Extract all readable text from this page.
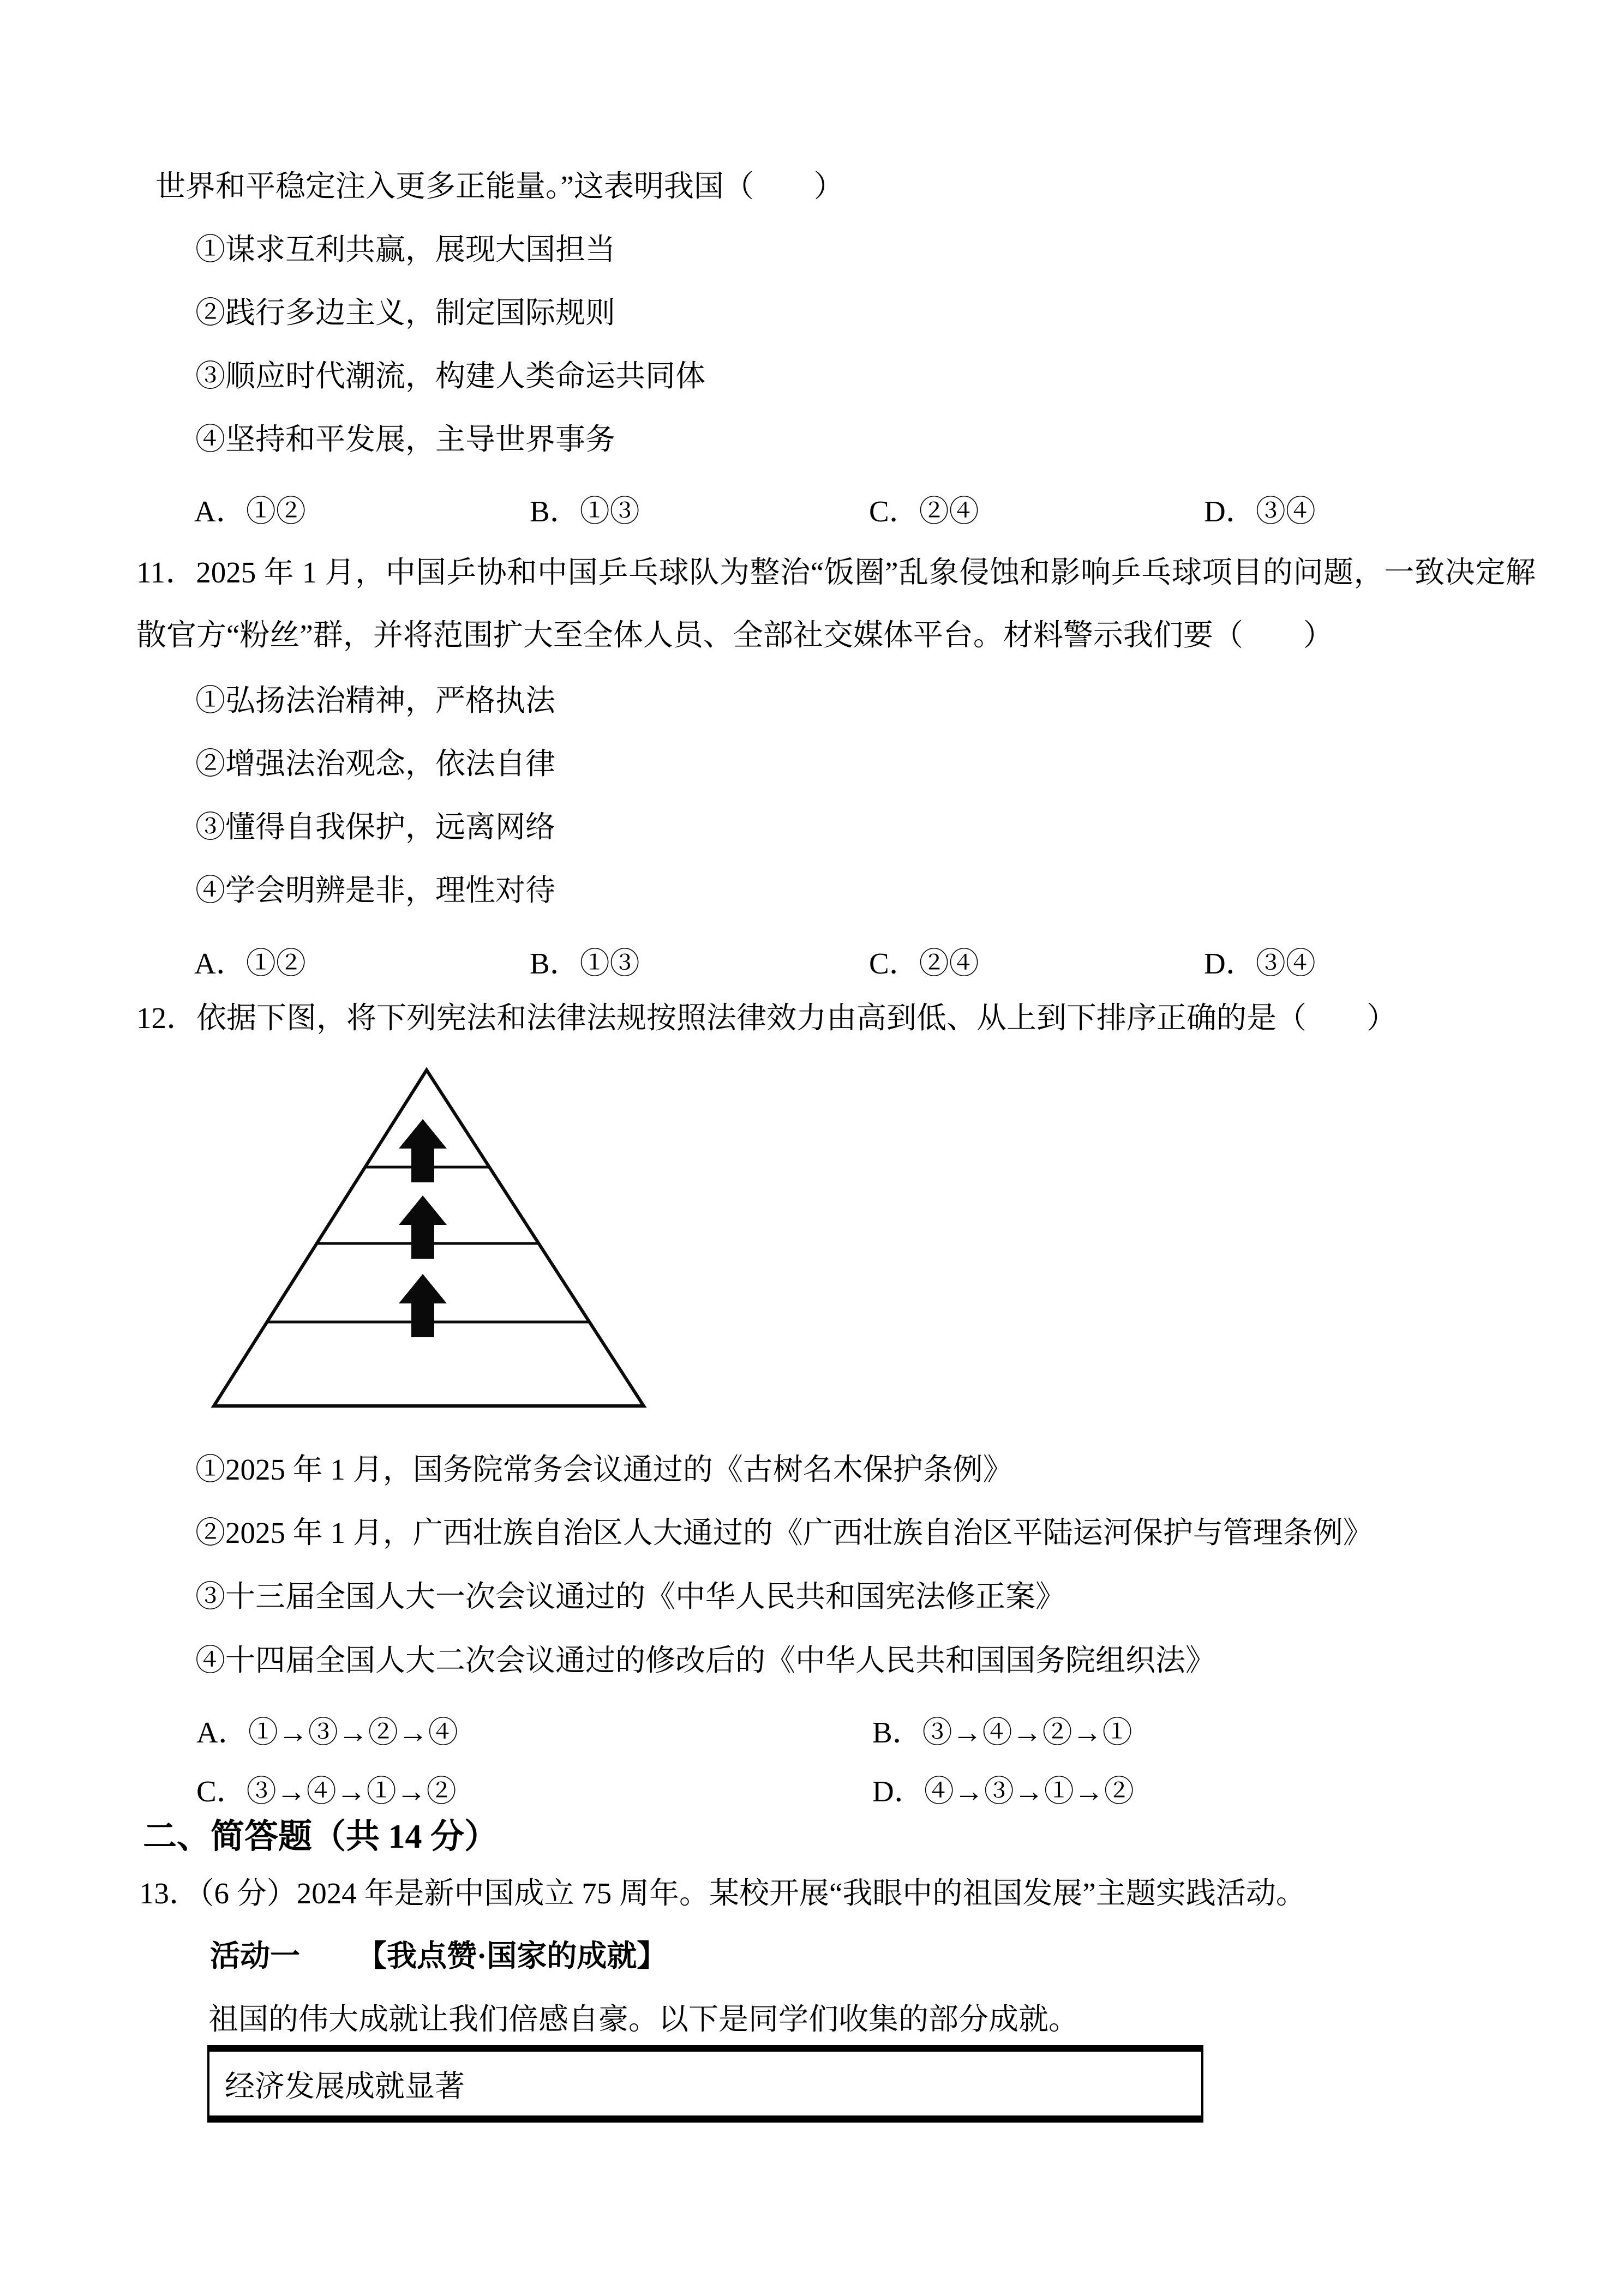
世界和平稳定注入更多正能量。”这表明我国（　　）
①谋求互利共赢，展现大国担当
②践行多边主义，制定国际规则
③顺应时代潮流，构建人类命运共同体
④坚持和平发展，主导世界事务
A．①②	B．①③	C．②④	D．③④
11．2025 年 1 月，中国乒协和中国乒乓球队为整治“饭圈”乱象侵蚀和影响乒乓球项目的问题，一致决定解
散官方“粉丝”群，并将范围扩大至全体人员、全部社交媒体平台。材料警示我们要（　　）
①弘扬法治精神，严格执法
②增强法治观念，依法自律
③懂得自我保护，远离网络
④学会明辨是非，理性对待
A．①②	B．①③	C．②④	D．③④
12．依据下图，将下列宪法和法律法规按照法律效力由高到低、从上到下排序正确的是（　　）
①2025 年 1 月，国务院常务会议通过的《古树名木保护条例》
②2025 年 1 月，广西壮族自治区人大通过的《广西壮族自治区平陆运河保护与管理条例》
③十三届全国人大一次会议通过的《中华人民共和国宪法修正案》
④十四届全国人大二次会议通过的修改后的《中华人民共和国国务院组织法》
A．①→③→②→④	B．③→④→②→①
C．③→④→①→②	D．④→③→①→②
二、简答题（共 14 分）
13．（6 分）2024 年是新中国成立 75 周年。某校开展“我眼中的祖国发展”主题实践活动。
活动一 【我点赞·国家的成就】
祖国的伟大成就让我们倍感自豪。以下是同学们收集的部分成就。
经济发展成就显著
